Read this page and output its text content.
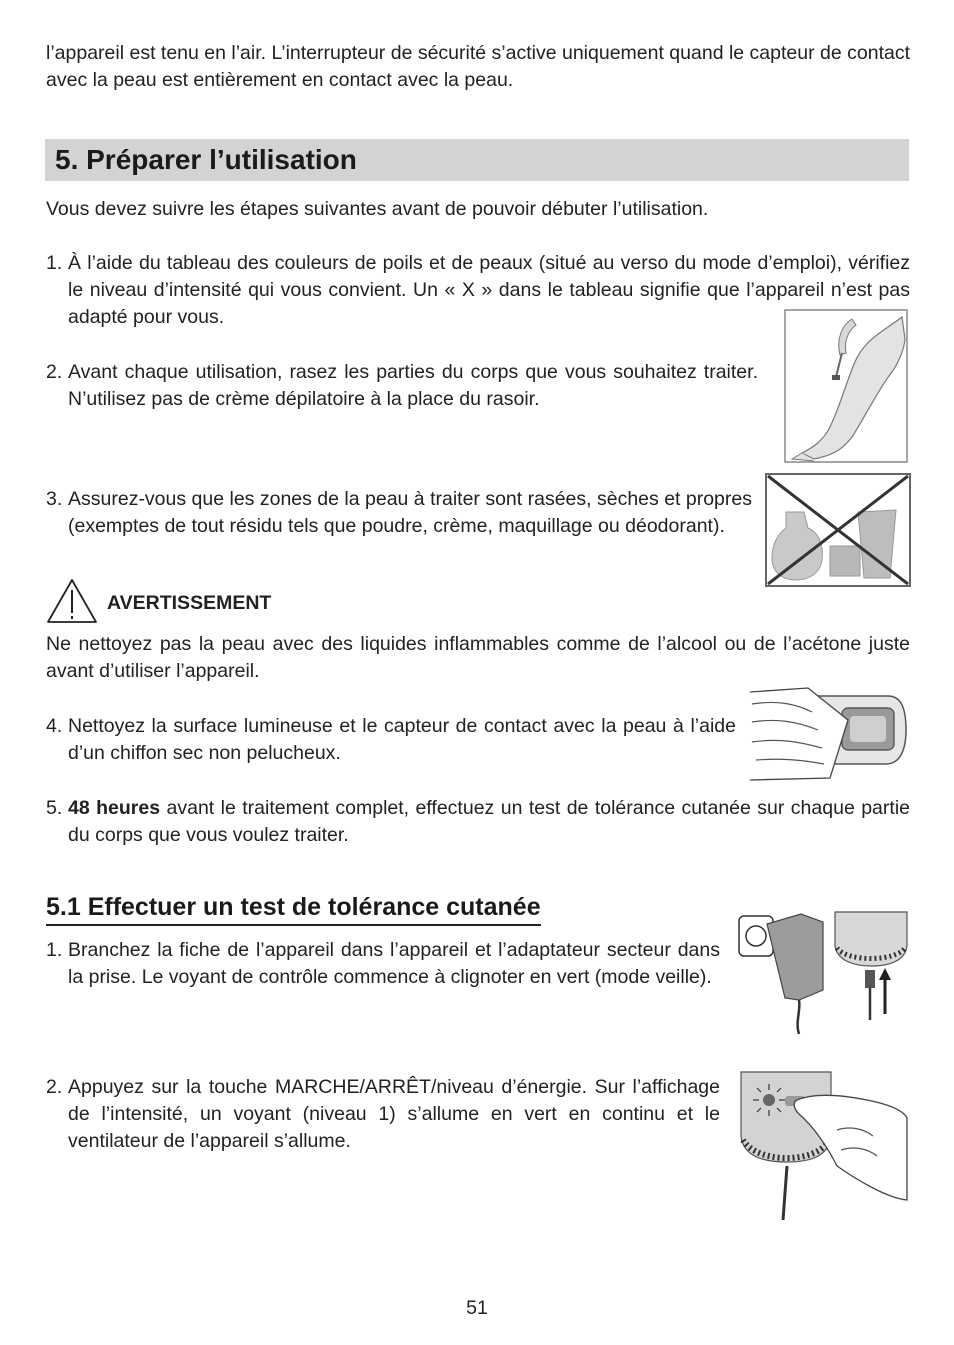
l’appareil est tenu en l’air. L’interrupteur de sécurité s’active uniquement quand le capteur de contact avec la peau est entièrement en contact avec la peau.

5. Préparer l’utilisation

Vous devez suivre les étapes suivantes avant de pouvoir débuter l’utilisation.

1. À l’aide du tableau des couleurs de poils et de peaux (situé au verso du mode d’emploi), vérifiez le niveau d’intensité qui vous convient. Un « X » dans le tableau signifie que l’appareil n’est pas adapté pour vous.
2. Avant chaque utilisation, rasez les parties du corps que vous souhaitez traiter. N’utilisez pas de crème dépilatoire à la place du rasoir.
3. Assurez-vous que les zones de la peau à traiter sont rasées, sèches et propres (exemptes de tout résidu tels que poudre, crème, maquillage ou déodorant).
AVERTISSEMENT

Ne nettoyez pas la peau avec des liquides inflammables comme de l’alcool ou de l’acétone juste avant d’utiliser l’appareil.

4. Nettoyez la surface lumineuse et le capteur de contact avec la peau à l’aide d’un chiffon sec non pelucheux.
5. 48 heures avant le traitement complet, effectuez un test de tolérance cutanée sur chaque partie du corps que vous voulez traiter.
5.1 Effectuer un test de tolérance cutanée
1. Branchez la fiche de l’appareil dans l’appareil et l’adaptateur secteur dans la prise. Le voyant de contrôle commence à clignoter en vert (mode veille).
2. Appuyez sur la touche MARCHE/ARRÊT/niveau d’énergie. Sur l’affichage de l’intensité, un voyant (niveau 1) s’allume en vert en continu et le ventilateur de l’appareil s’allume.
51
